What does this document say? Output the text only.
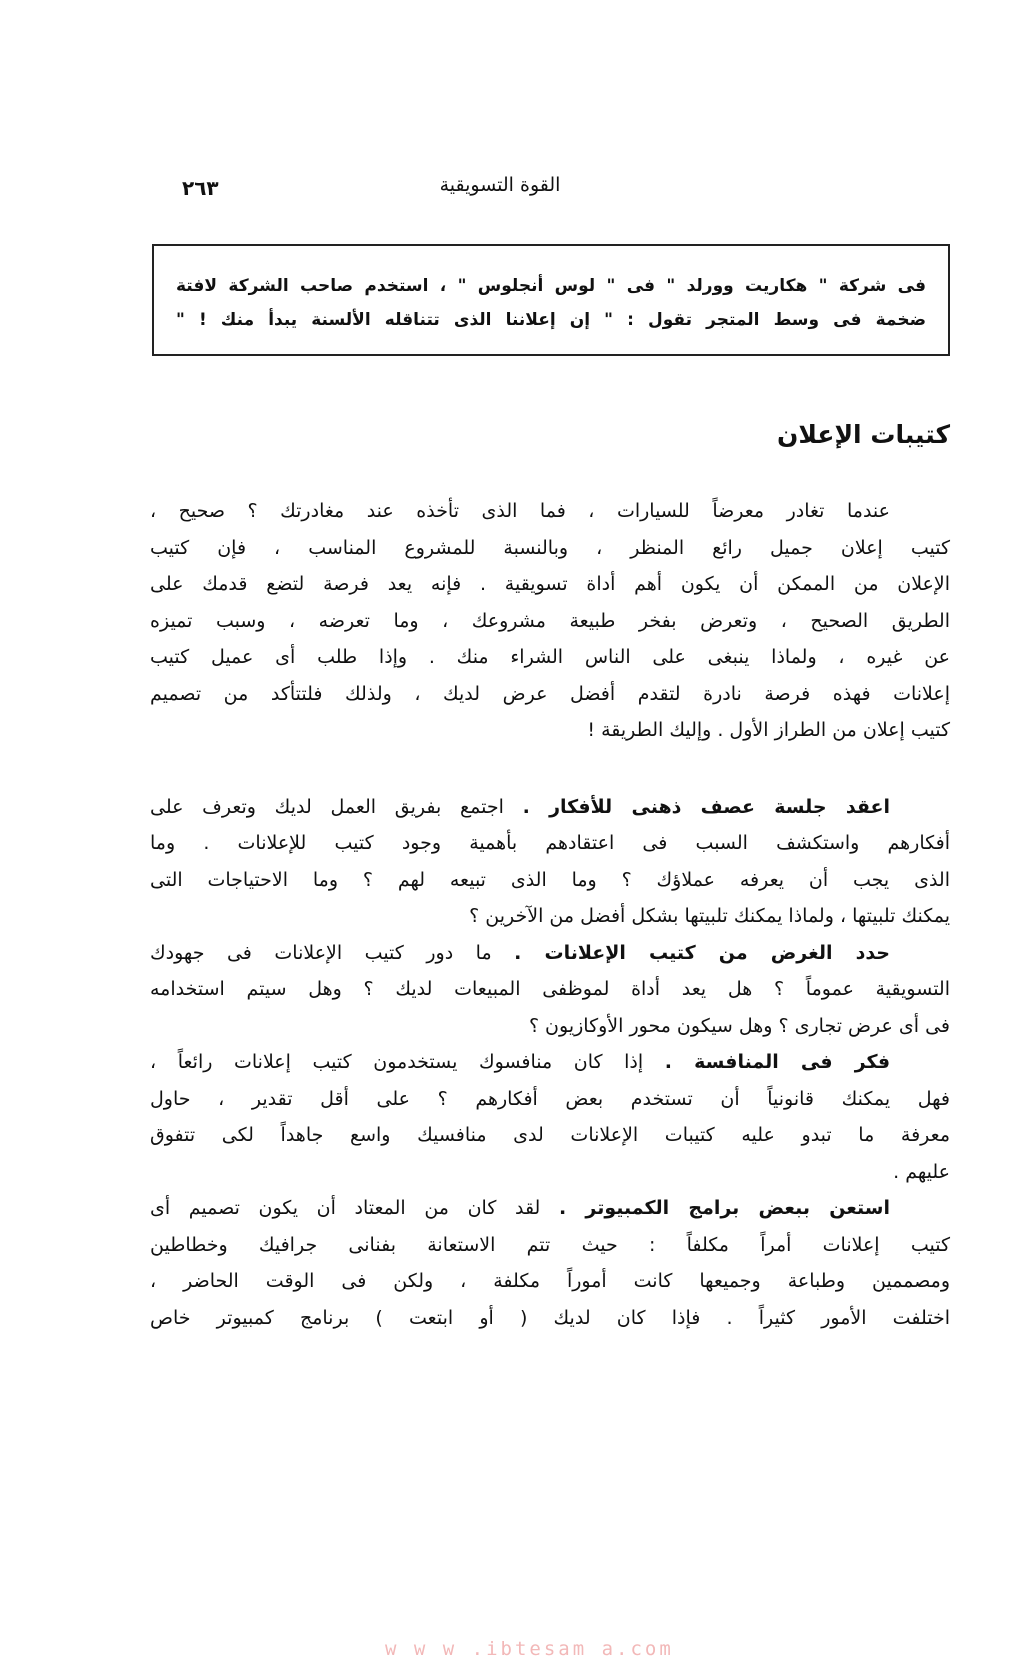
٢٦٣	القوة التسويقية
فى شركة " هكاريت وورلد " فى " لوس أنجلوس " ، استخدم صاحب الشركة لافتة
ضخمة فى وسط المتجر تقول : " إن إعلاننا الذى تتناقله الألسنة يبدأ منك ! "
كتيبات الإعلان
عندما تغادر معرضاً للسيارات ، فما الذى تأخذه عند مغادرتك ؟ صحيح ،
كتيب إعلان جميل رائع المنظر ، وبالنسبة للمشروع المناسب ، فإن كتيب
الإعلان من الممكن أن يكون أهم أداة تسويقية . فإنه يعد فرصة لتضع قدمك على
الطريق الصحيح ، وتعرض بفخر طبيعة مشروعك ، وما تعرضه ، وسبب تميزه
عن غيره ، ولماذا ينبغى على الناس الشراء منك . وإذا طلب أى عميل كتيب
إعلانات فهذه فرصة نادرة لتقدم أفضل عرض لديك ، ولذلك فلتتأكد من تصميم
كتيب إعلان من الطراز الأول . وإليك الطريقة !
اعقد جلسة عصف ذهنى للأفكار . اجتمع بفريق العمل لديك وتعرف على
أفكارهم واستكشف السبب فى اعتقادهم بأهمية وجود كتيب للإعلانات . وما
الذى يجب أن يعرفه عملاؤك ؟ وما الذى تبيعه لهم ؟ وما الاحتياجات التى
يمكنك تلبيتها ، ولماذا يمكنك تلبيتها بشكل أفضل من الآخرين ؟
حدد الغرض من كتيب الإعلانات . ما دور كتيب الإعلانات فى جهودك
التسويقية عموماً ؟ هل يعد أداة لموظفى المبيعات لديك ؟ وهل سيتم استخدامه
فى أى عرض تجارى ؟ وهل سيكون محور الأوكازيون ؟
فكر فى المنافسة . إذا كان منافسوك يستخدمون كتيب إعلانات رائعاً ،
فهل يمكنك قانونياً أن تستخدم بعض أفكارهم ؟ على أقل تقدير ، حاول
معرفة ما تبدو عليه كتيبات الإعلانات لدى منافسيك واسع جاهداً لكى تتفوق
عليهم .
استعن ببعض برامج الكمبيوتر . لقد كان من المعتاد أن يكون تصميم أى
كتيب إعلانات أمراً مكلفاً : حيث تتم الاستعانة بفنانى جرافيك وخطاطين
ومصممين وطباعة وجميعها كانت أموراً مكلفة ، ولكن فى الوقت الحاضر ،
اختلفت الأمور كثيراً . فإذا كان لديك ( أو ابتعت ) برنامج كمبيوتر خاص
w w w .ibtesam a.com
